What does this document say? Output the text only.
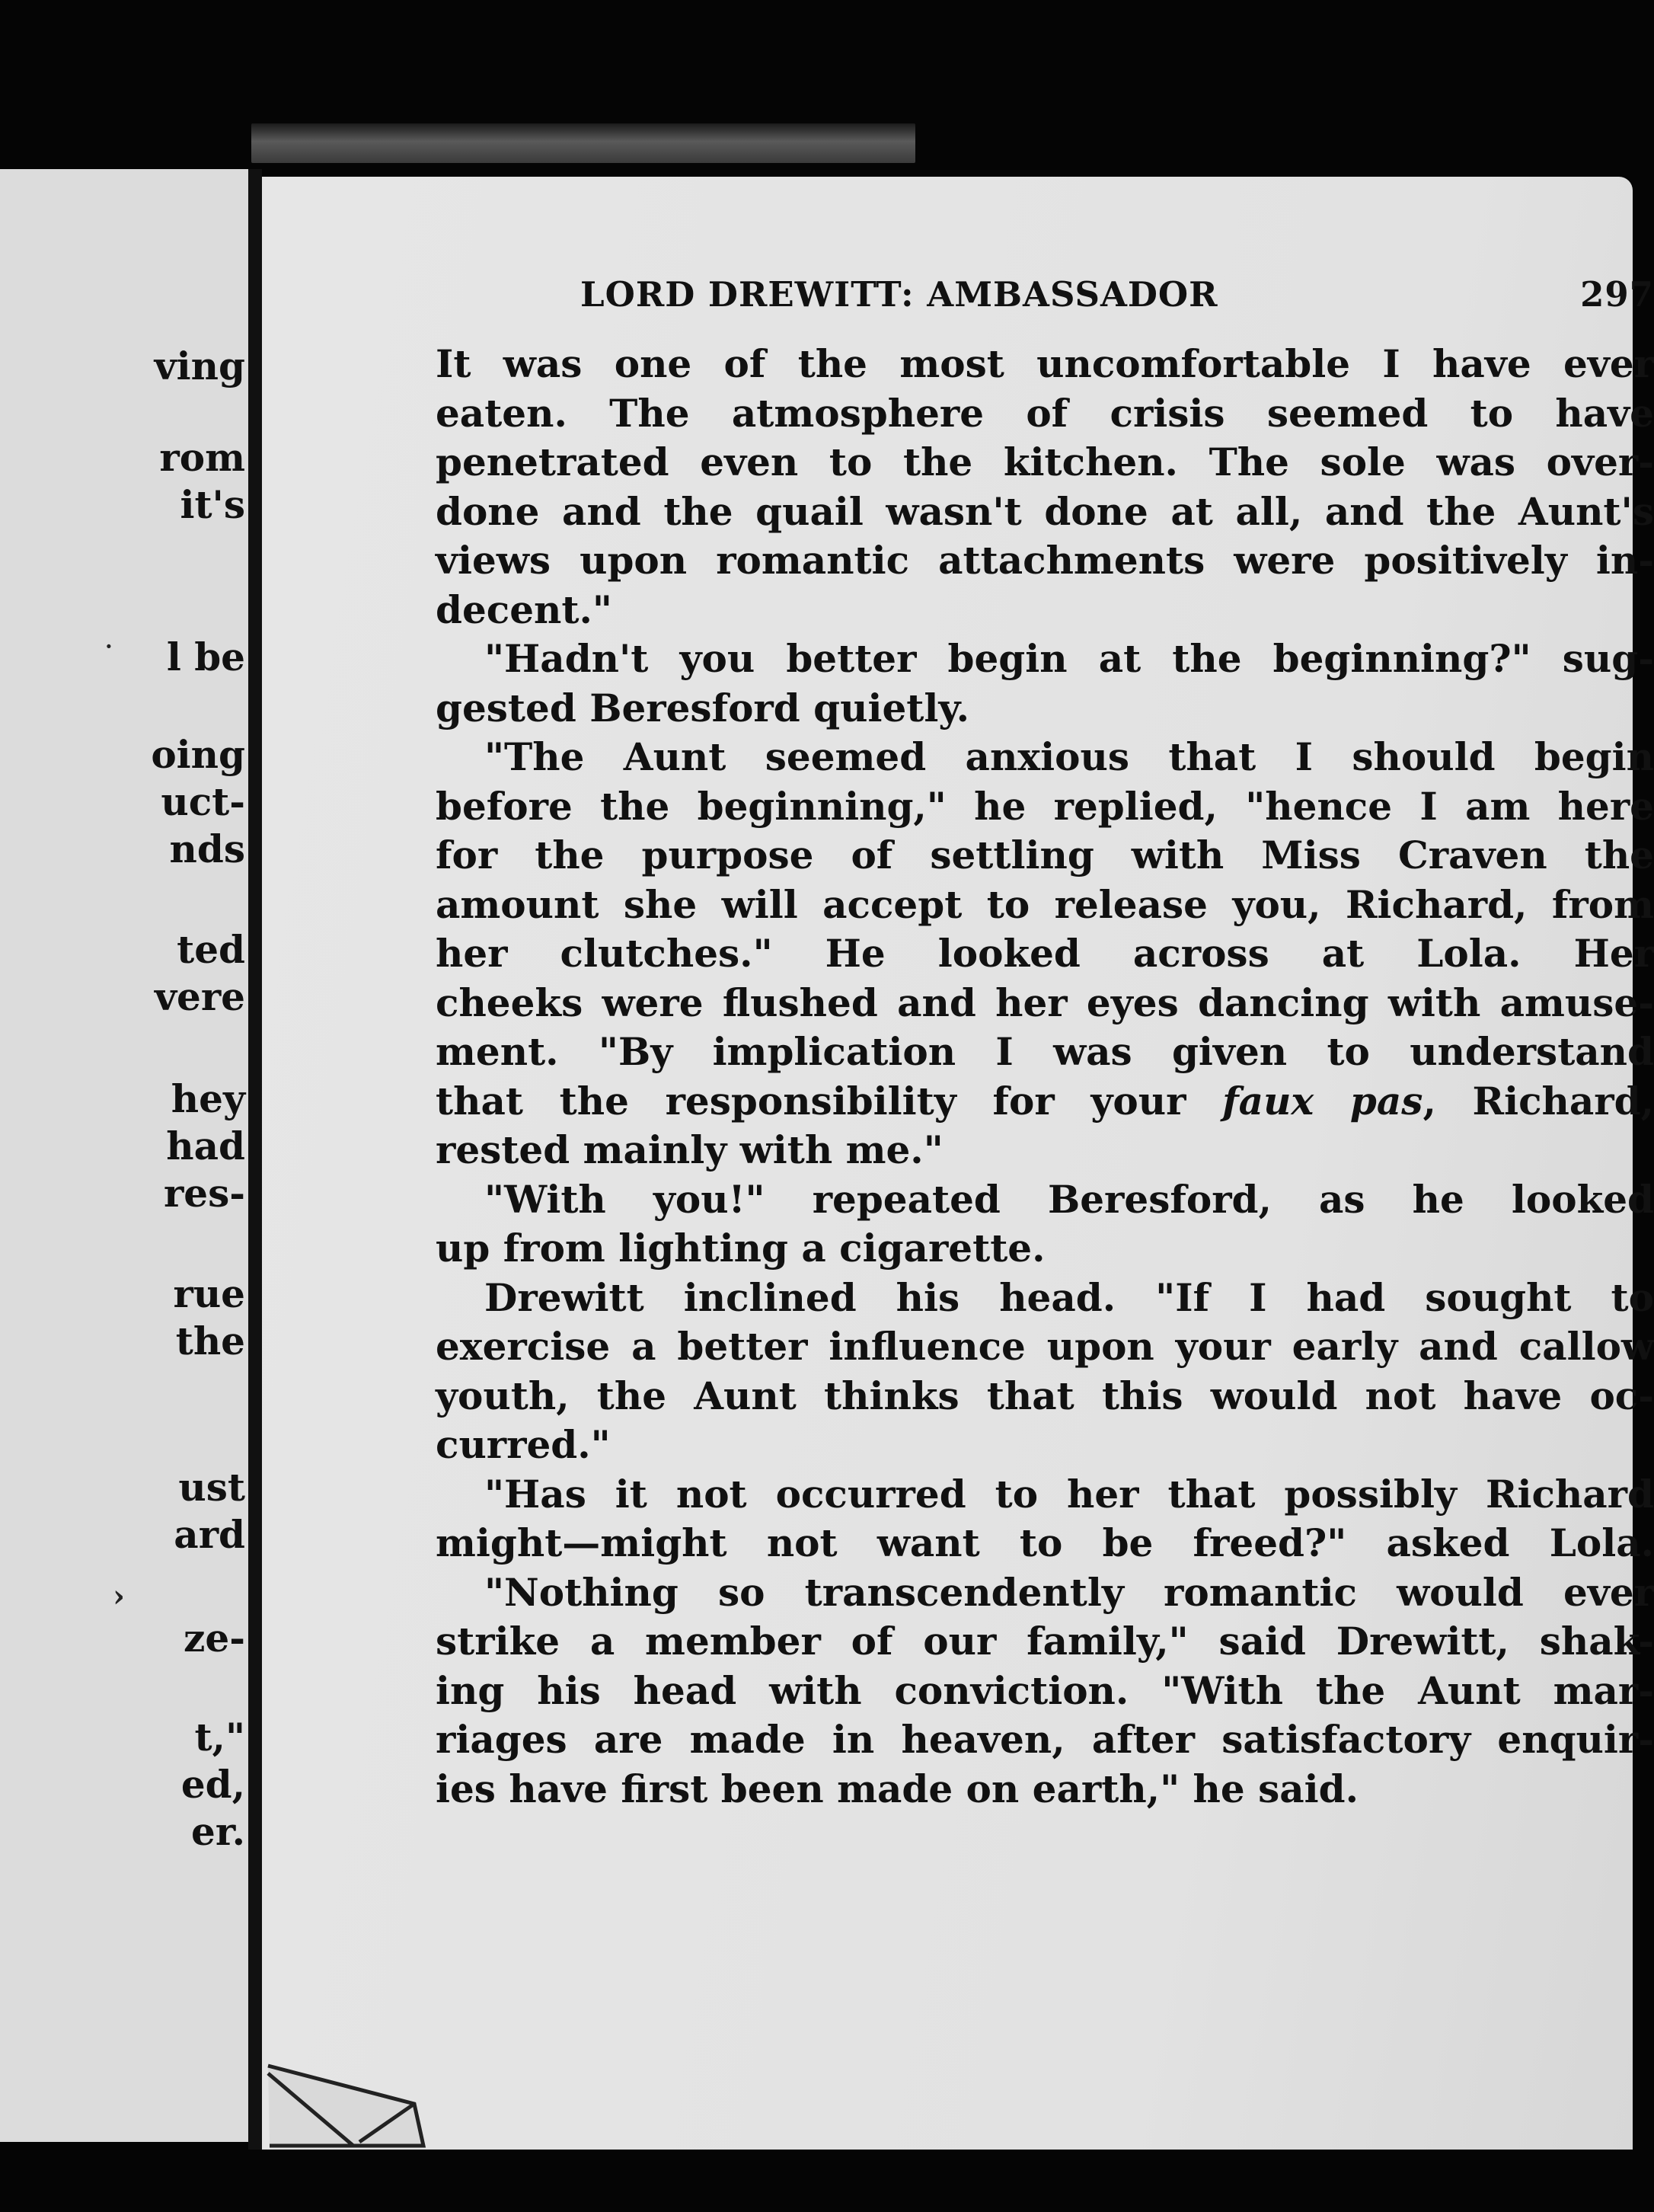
ving
rom
it's
l be
oing
uct-
nds
ted
vere
hey
had
res-
rue
the
ust
ard
ze-
t,"
ed,
er.
·
›
LORD DREWITT: AMBASSADOR	297
It was one of the most uncomfortable I have ever
eaten. The atmosphere of crisis seemed to have
penetrated even to the kitchen. The sole was over-
done and the quail wasn't done at all, and the Aunt's
views upon romantic attachments were positively in-
decent."
"Hadn't you better begin at the beginning?" sug-
gested Beresford quietly.
"The Aunt seemed anxious that I should begin
before the beginning," he replied, "hence I am here
for the purpose of settling with Miss Craven the
amount she will accept to release you, Richard, from
her clutches." He looked across at Lola. Her
cheeks were flushed and her eyes dancing with amuse-
ment. "By implication I was given to understand
that the responsibility for your faux pas, Richard,
rested mainly with me."
"With you!" repeated Beresford, as he looked
up from lighting a cigarette.
Drewitt inclined his head. "If I had sought to
exercise a better influence upon your early and callow
youth, the Aunt thinks that this would not have oc-
curred."
"Has it not occurred to her that possibly Richard
might—might not want to be freed?" asked Lola.
"Nothing so transcendently romantic would ever
strike a member of our family," said Drewitt, shak-
ing his head with conviction. "With the Aunt mar-
riages are made in heaven, after satisfactory enquir-
ies have first been made on earth," he said.
